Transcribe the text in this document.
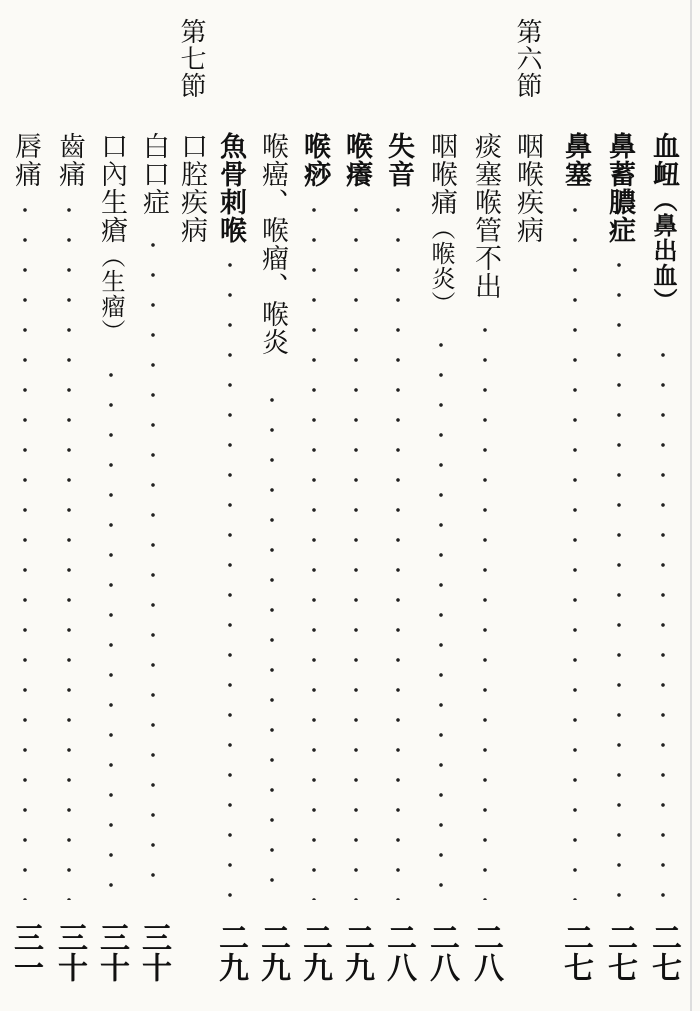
血衄（鼻出血）
二七
鼻蓄膿症
二七
鼻塞
二七
第六節
咽喉疾病
痰塞喉管不出
二八
咽喉痛（喉炎）
二八
失音
二八
喉癢
二九
喉痧
二九
喉癌、喉瘤、喉炎
二九
魚骨刺喉
二九
第七節
口腔疾病
白口症
三十
口內生瘡（生瘤）
三十
齒痛
三十
唇痛
三一
